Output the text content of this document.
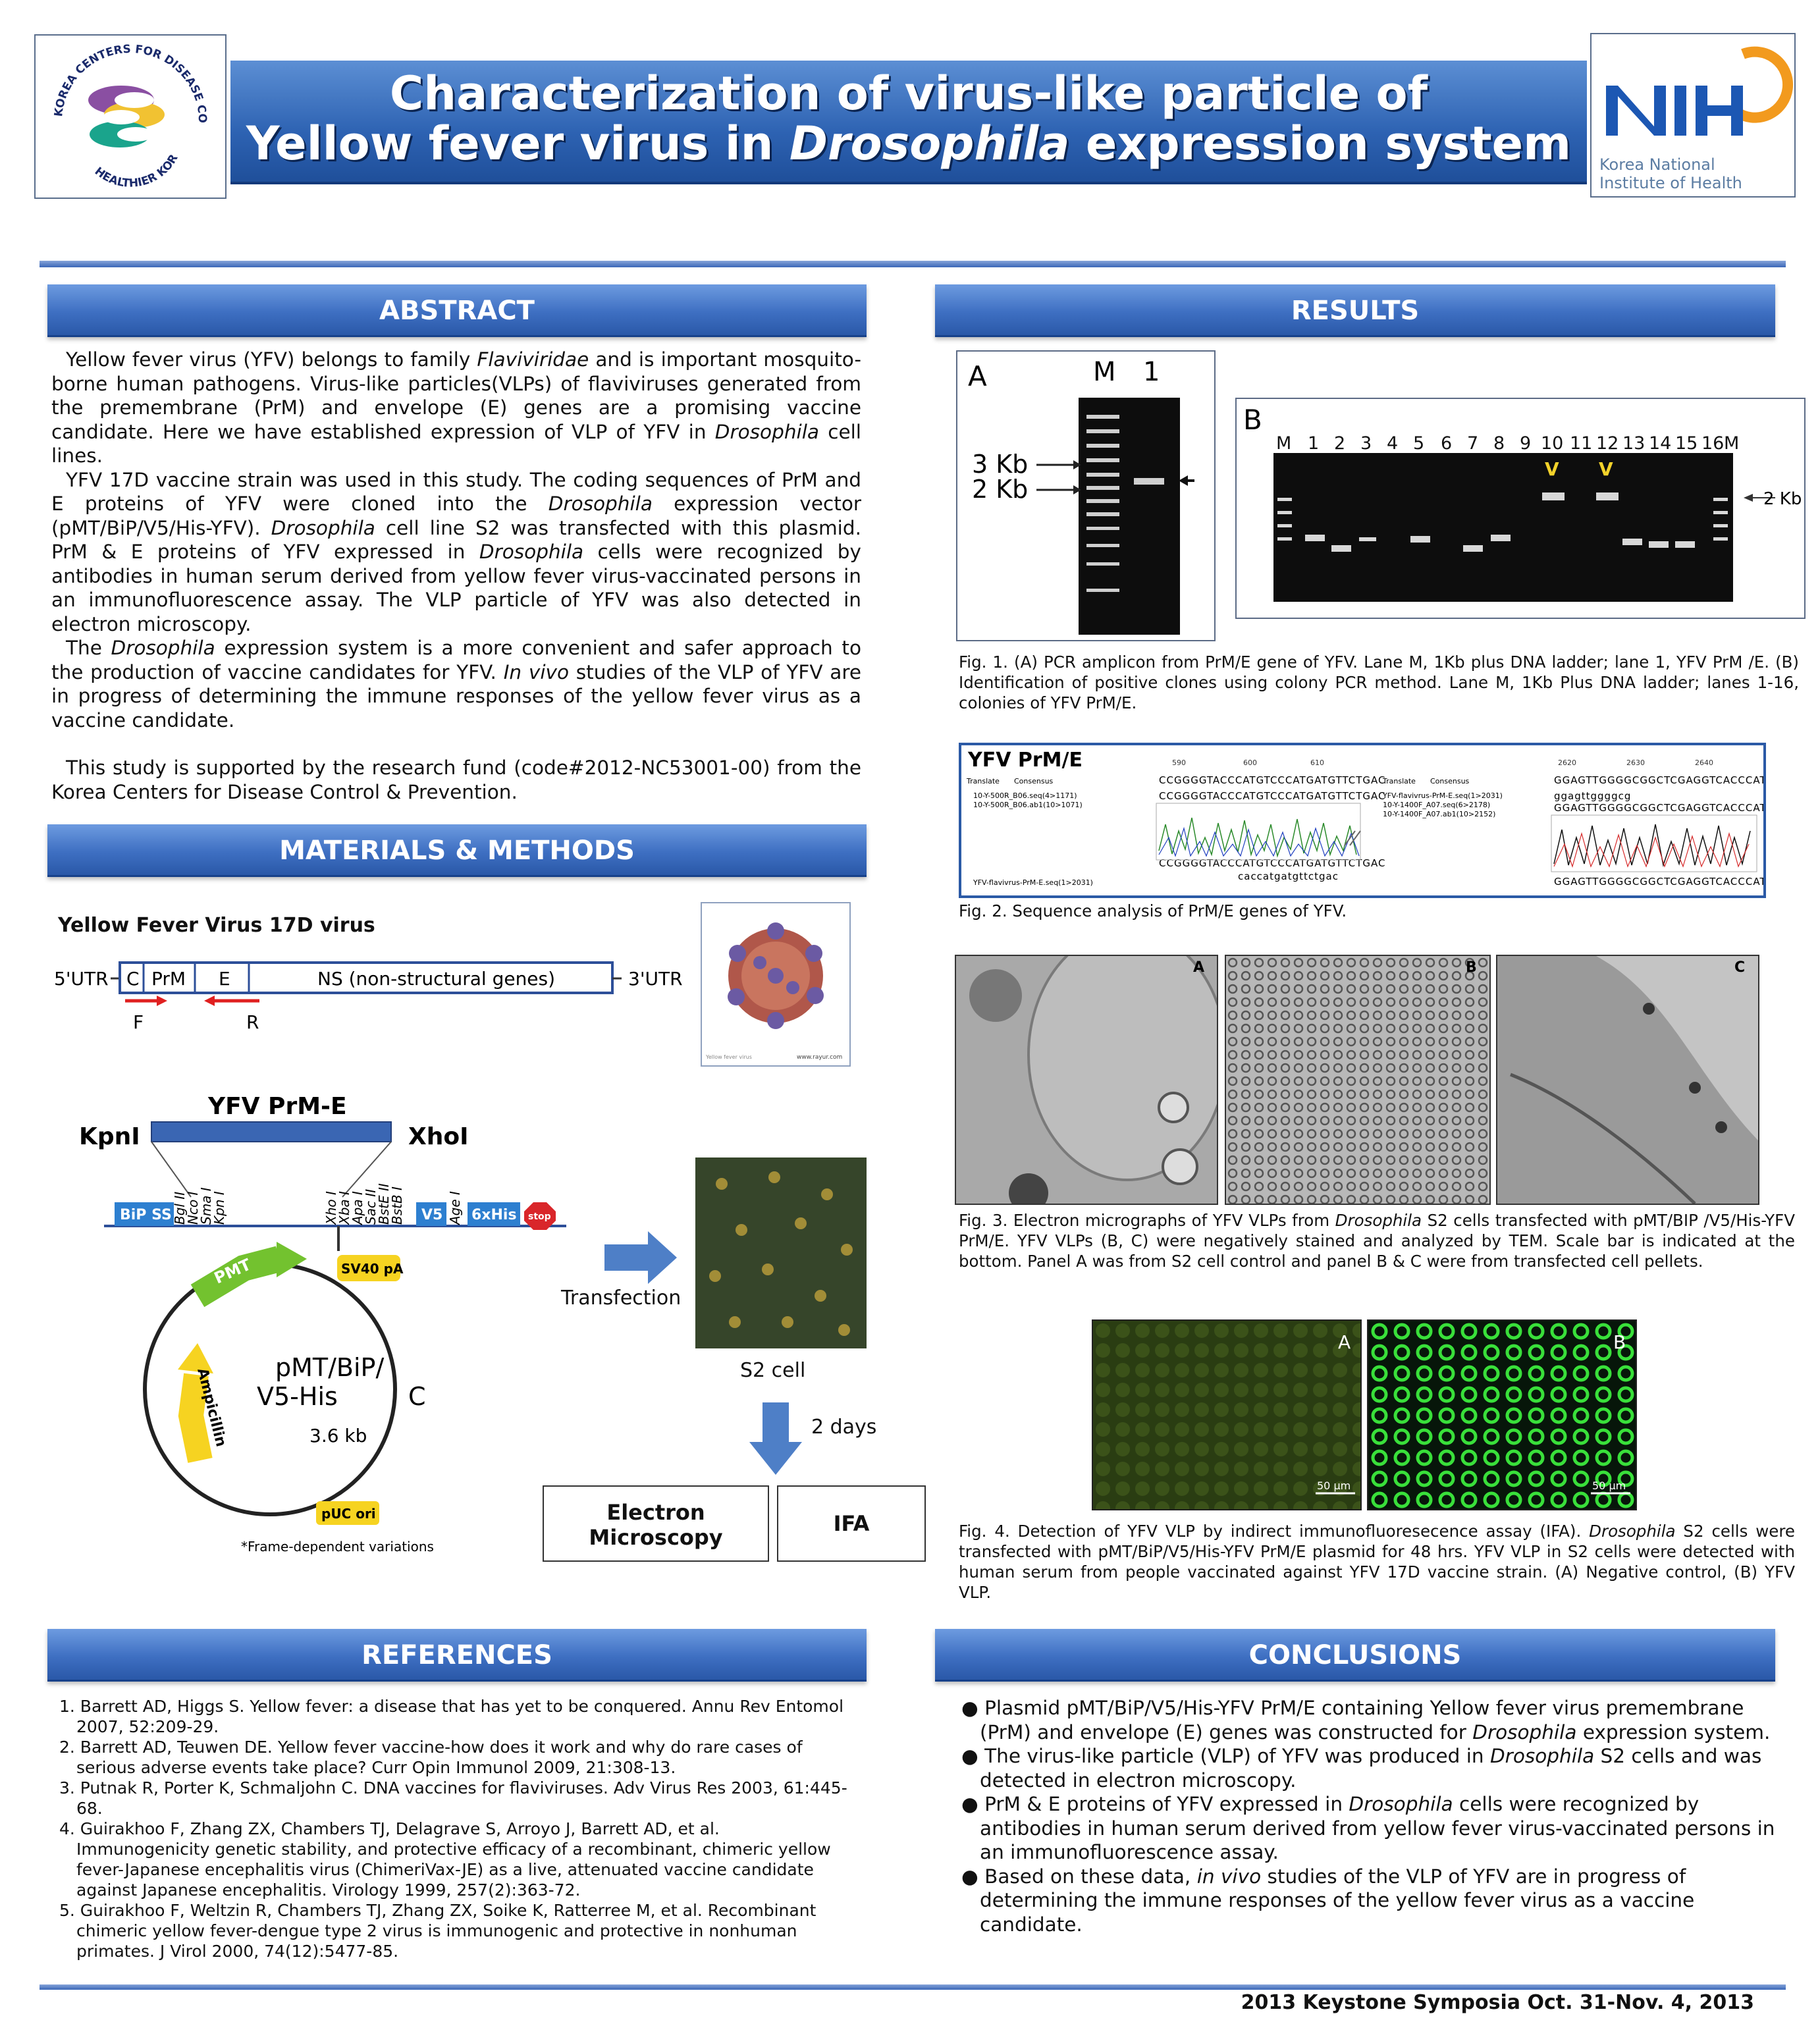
KOREA CENTERS FOR DISEASE CO
HEALTHIER KOR
Characterization of virus-like particle of
Yellow fever virus in Drosophila expression system
NIH
Korea National
Institute of Health
ABSTRACT

Yellow fever virus (YFV) belongs to family Flaviviridae and is important mosquito-borne human pathogens. Virus-like particles(VLPs) of flaviviruses generated from the premembrane (PrM) and envelope (E) genes are a promising vaccine candidate. Here we have established expression of VLP of YFV in Drosophila cell lines.

YFV 17D vaccine strain was used in this study. The coding sequences of PrM and E proteins of YFV were cloned into the Drosophila expression vector (pMT/BiP/V5/His-YFV). Drosophila cell line S2 was transfected with this plasmid. PrM & E proteins of YFV expressed in Drosophila cells were recognized by antibodies in human serum derived from yellow fever virus-vaccinated persons in an immunofluorescence assay. The VLP particle of YFV was also detected in electron microscopy.

The Drosophila expression system is a more convenient and safer approach to the production of vaccine candidates for YFV. In vivo studies of the VLP of YFV are in progress of determining the immune responses of the yellow fever virus as a vaccine candidate.

This study is supported by the research fund (code#2012-NC53001-00) from the Korea Centers for Disease Control & Prevention.

MATERIALS & METHODS
Yellow Fever Virus 17D virus
5'UTR C PrM E	NS (non-structural genes)	3'UTR
F	R
Yellow fever virus	www.rayur.com
YFV PrM-E
KpnI	XhoI
BiP SS Bgl II
Nco I
Sma I
Kpn I	Xho I
Xba I
Apa I
Sac II
BstE II
BstB I	Age I
V5 6xHis stop
PMT	SV40 pA
Ampicillin
pUC ori
pMT/BiP/
V5-His	C
3.6 kb
*Frame-dependent variations
Transfection
S2 cell
2 days
Electron Microscopy
IFA
REFERENCES
1. Barrett AD, Higgs S. Yellow fever: a disease that has yet to be conquered. Annu Rev Entomol 2007, 52:209-29.
2. Barrett AD, Teuwen DE. Yellow fever vaccine-how does it work and why do rare cases of serious adverse events take place? Curr Opin Immunol 2009, 21:308-13.
3. Putnak R, Porter K, Schmaljohn C. DNA vaccines for flaviviruses. Adv Virus Res 2003, 61:445-68.
4. Guirakhoo F, Zhang ZX, Chambers TJ, Delagrave S, Arroyo J, Barrett AD, et al. Immunogenicity genetic stability, and protective efficacy of a recombinant, chimeric yellow fever-Japanese encephalitis virus (ChimeriVax-JE) as a live, attenuated vaccine candidate against Japanese encephalitis. Virology 1999, 257(2):363-72.
5. Guirakhoo F, Weltzin R, Chambers TJ, Zhang ZX, Soike K, Ratterree M, et al. Recombinant chimeric yellow fever-dengue type 2 virus is immunogenic and protective in nonhuman primates. J Virol 2000, 74(12):5477-85.
RESULTS
A	M 1
3 Kb
2 Kb
B
M 1 2 3 4 5 6 7 8 9 10 11 12 13 14 15 16 M
V V
2 Kb
Fig. 1. (A) PCR amplicon from PrM/E gene of YFV. Lane M, 1Kb plus DNA ladder; lane 1, YFV PrM /E. (B) Identification of positive clones using colony PCR method. Lane M, 1Kb Plus DNA ladder; lanes 1-16, colonies of YFV PrM/E.
YFV PrM/E	590	600	610	2620	2630	2640
Translate Consensus
10-Y-500R_B06.seq(4>1171)
10-Y-500R_B06.ab1(10>1071)
YFV-flavivrus-PrM-E.seq(1>2031)
Translate Consensus
YFV-flavivrus-PrM-E.seq(1>2031)
10-Y-1400F_A07.seq(6>2178)
10-Y-1400F_A07.ab1(10>2152)
CCGGGGTACCCATGTCCCATGATGTTCTGAC
CCGGGGTACCCATGTCCCATGATGTTCTGAC
CCGGGGTACCCATGTCCCATGATGTTCTGAC
caccatgatgttctgac
GGAGTTGGGGCGGCTCGAGGTCACCCATT
ggagttggggcg
GGAGTTGGGGCGGCTCGAGGTCACCCATT
GGAGTTGGGGCGGCTCGAGGTCACCCATT
Fig. 2. Sequence analysis of PrM/E genes of YFV.
A	B	C
Fig. 3. Electron micrographs of YFV VLPs from Drosophila S2 cells transfected with pMT/BIP /V5/His-YFV PrM/E. YFV VLPs (B, C) were negatively stained and analyzed by TEM. Scale bar is indicated at the bottom. Panel A was from S2 cell control and panel B & C were from transfected cell pellets.
A
50 µm
B
50 µm
Fig. 4. Detection of YFV VLP by indirect immunofluoresecence assay (IFA). Drosophila S2 cells were transfected with pMT/BiP/V5/His-YFV PrM/E plasmid for 48 hrs. YFV VLP in S2 cells were detected with human serum from people vaccinated against YFV 17D vaccine strain. (A) Negative control, (B) YFV VLP.
CONCLUSIONS
● Plasmid pMT/BiP/V5/His-YFV PrM/E containing Yellow fever virus premembrane (PrM) and envelope (E) genes was constructed for Drosophila expression system.
● The virus-like particle (VLP) of YFV was produced in Drosophila S2 cells and was detected in electron microscopy.
● PrM & E proteins of YFV expressed in Drosophila cells were recognized by antibodies in human serum derived from yellow fever virus-vaccinated persons in an immunofluorescence assay.
● Based on these data, in vivo studies of the VLP of YFV are in progress of determining the immune responses of the yellow fever virus as a vaccine candidate.
2013 Keystone Symposia Oct. 31-Nov. 4, 2013
